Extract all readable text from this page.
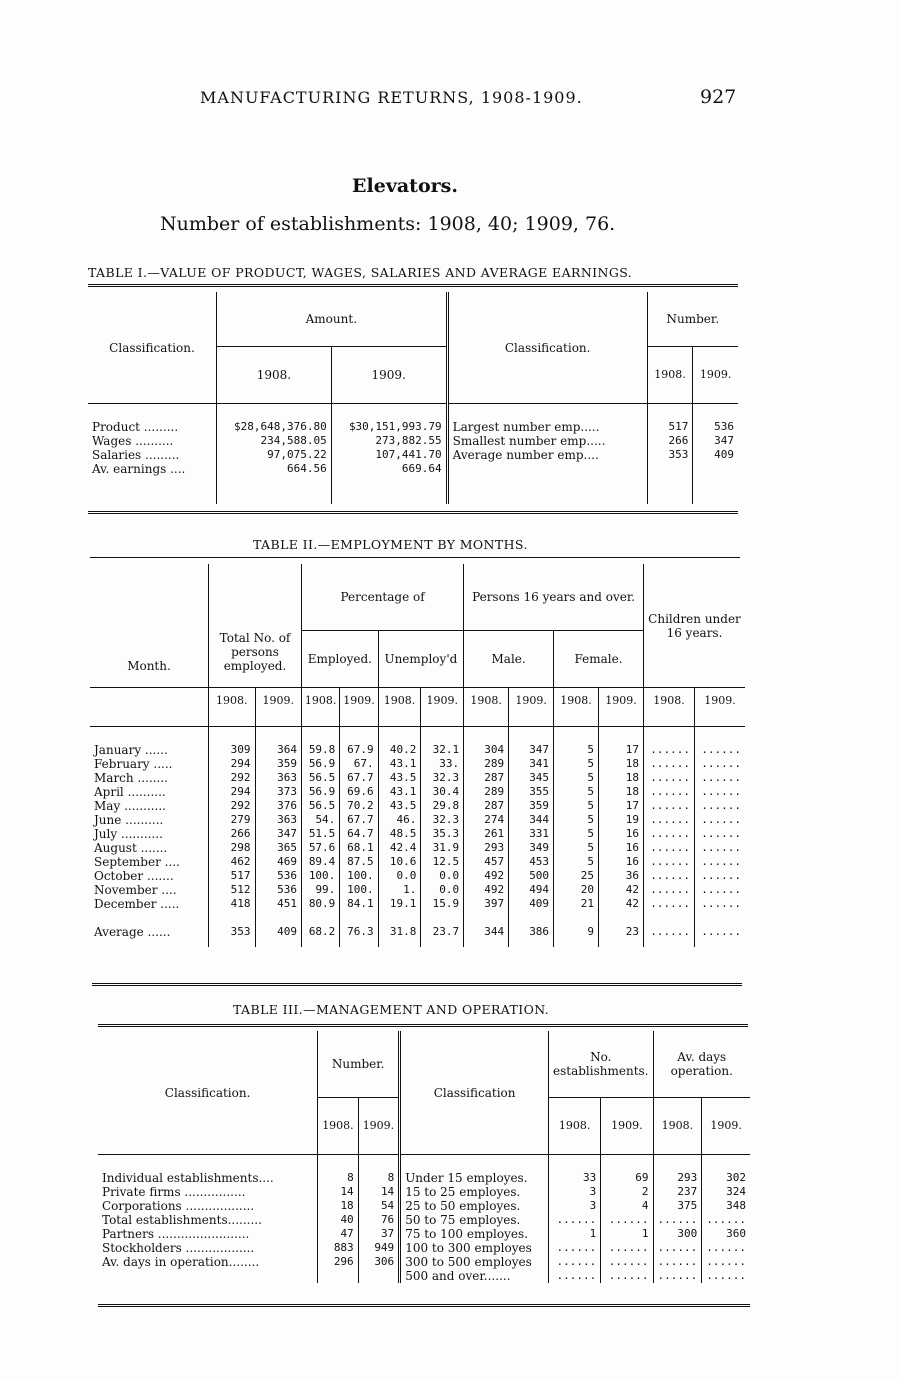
MANUFACTURING RETURNS, 1908-1909.	927
Elevators.
Number of establishments: 1908, 40; 1909, 76.
TABLE I.—VALUE OF PRODUCT, WAGES, SALARIES AND AVERAGE EARNINGS.
Classification.	Amount.		Classification.	Number.	
	1908.	1909.		1908.	1909.

Product .........	$28,648,376.80	$30,151,993.79	Largest number emp.....	517	536
Wages ..........	234,588.05	273,882.55	Smallest number emp.....	266	347
Salaries .........	97,075.22	107,441.70	Average number emp....	353	409
Av. earnings ....	664.56	669.64			

TABLE II.—EMPLOYMENT BY MONTHS.
Month.	Total No. of persons employed.		Percentage of				Persons 16 years and over.				Children under 16 years.	
			Employed.		Unemploy'd		Male.		Female.			
	1908.	1909.	1908.	1909.	1908.	1909.	1908.	1909.	1908.	1909.	1908.	1909.

January ......	309	364	59.8	67.9	40.2	32.1	304	347	5	17	......	......
February .....	294	359	56.9	67.	43.1	33.	289	341	5	18	......	......
March ........	292	363	56.5	67.7	43.5	32.3	287	345	5	18	......	......
April ..........	294	373	56.9	69.6	43.1	30.4	289	355	5	18	......	......
May ...........	292	376	56.5	70.2	43.5	29.8	287	359	5	17	......	......
June ..........	279	363	54.	67.7	46.	32.3	274	344	5	19	......	......
July ...........	266	347	51.5	64.7	48.5	35.3	261	331	5	16	......	......
August .......	298	365	57.6	68.1	42.4	31.9	293	349	5	16	......	......
September ....	462	469	89.4	87.5	10.6	12.5	457	453	5	16	......	......
October .......	517	536	100.	100.	0.0	0.0	492	500	25	36	......	......
November ....	512	536	99.	100.	1.	0.0	492	494	20	42	......	......
December .....	418	451	80.9	84.1	19.1	15.9	397	409	21	42	......	......
Average ......	353	409	68.2	76.3	31.8	23.7	344	386	9	23	......	......
TABLE III.—MANAGEMENT AND OPERATION.
Classification.	Number.		Classification	No. establishments.		Av. days operation.	
	1908.	1909.		1908.	1909.	1908.	1909.

Individual establishments....	8	8	Under 15 employes.	33	69	293	302
Private firms ................	14	14	15 to 25 employes.	3	2	237	324
Corporations ..................	18	54	25 to 50 employes.	3	4	375	348
Total establishments.........	40	76	50 to 75 employes.	......	......	......	......
Partners ........................	47	37	75 to 100 employes.	1	1	300	360
Stockholders ..................	883	949	100 to 300 employes	......	......	......	......
Av. days in operation........	296	306	300 to 500 employes	......	......	......	......
			500 and over.......	......	......	......	......
